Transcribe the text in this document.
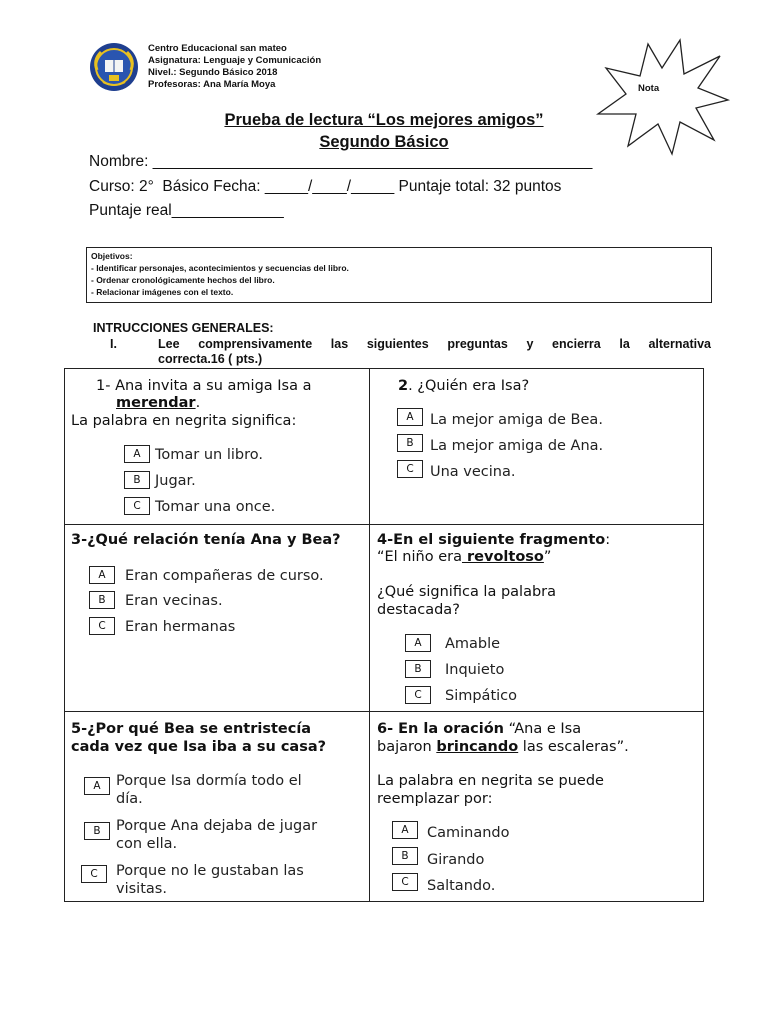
Centro Educacional san mateo
Asignatura: Lenguaje y Comunicación
Nivel.: Segundo Básico 2018
Profesoras: Ana María Moya	Nota
Prueba de lectura “Los mejores amigos”
Segundo Básico
Nombre: ___________________________________________________
Curso: 2°  Básico Fecha: _____/____/_____ Puntaje total: 32 puntos
Puntaje real_____________
Objetivos:
- Identificar personajes, acontecimientos y secuencias del libro.
- Ordenar cronológicamente hechos del libro.
- Relacionar imágenes con el texto.
INTRUCCIONES GENERALES:
I.	Lee comprensivamente las siguientes preguntas y encierra la alternativa
correcta.16 ( pts.)
1- Ana invita a su amiga Isa a
merendar.
La palabra en negrita significa:
A Tomar un libro.
B Jugar.
C Tomar una once.
2. ¿Quién era Isa?
A	La mejor amiga de Bea.
B	La mejor amiga de Ana.
C	Una vecina.
3-¿Qué relación tenía Ana y Bea?
A	Eran compañeras de curso.
B	Eran vecinas.
C	Eran hermanas
4-En el siguiente fragmento:
“El niño era revoltoso”
¿Qué significa la palabra
destacada?
A	Amable
B	Inquieto
C	Simpático
5-¿Por qué Bea se entristecía
cada vez que Isa iba a su casa?
A	Porque Isa dormía todo el
día.
B	Porque Ana dejaba de jugar
con ella.
C	Porque no le gustaban las
visitas.
6- En la oración “Ana e Isa
bajaron brincando las escaleras”.
La palabra en negrita se puede
reemplazar por:
A	Caminando
B	Girando
C	Saltando.
